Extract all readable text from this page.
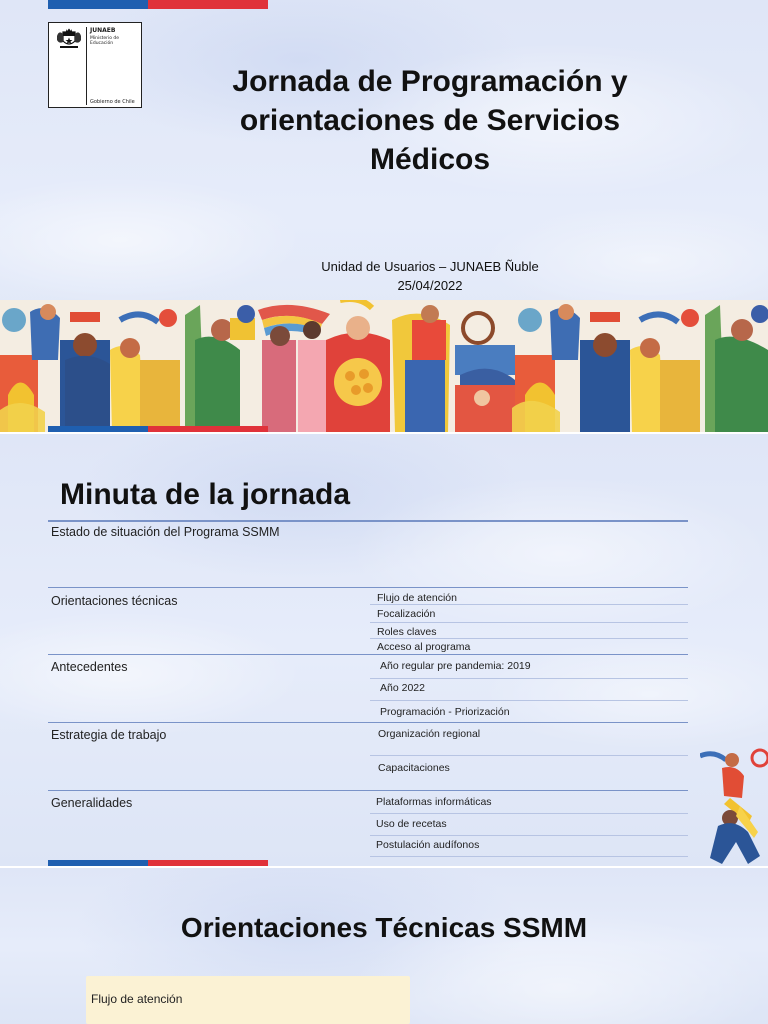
JUNAEB
Ministerio de Educación
Gobierno de Chile
Jornada de Programación y orientaciones de Servicios Médicos
Unidad de Usuarios – JUNAEB Ñuble
25/04/2022
Minuta de la jornada
Estado de situación del Programa SSMM
Orientaciones técnicas	Flujo de atención
Focalización
Roles claves
Acceso al programa
Antecedentes	Año regular pre pandemia: 2019
Año 2022
Programación - Priorización
Estrategia de trabajo	Organización regional
Capacitaciones
Generalidades	Plataformas informáticas
Uso de recetas
Postulación audífonos
Orientaciones Técnicas SSMM
Flujo de atención
